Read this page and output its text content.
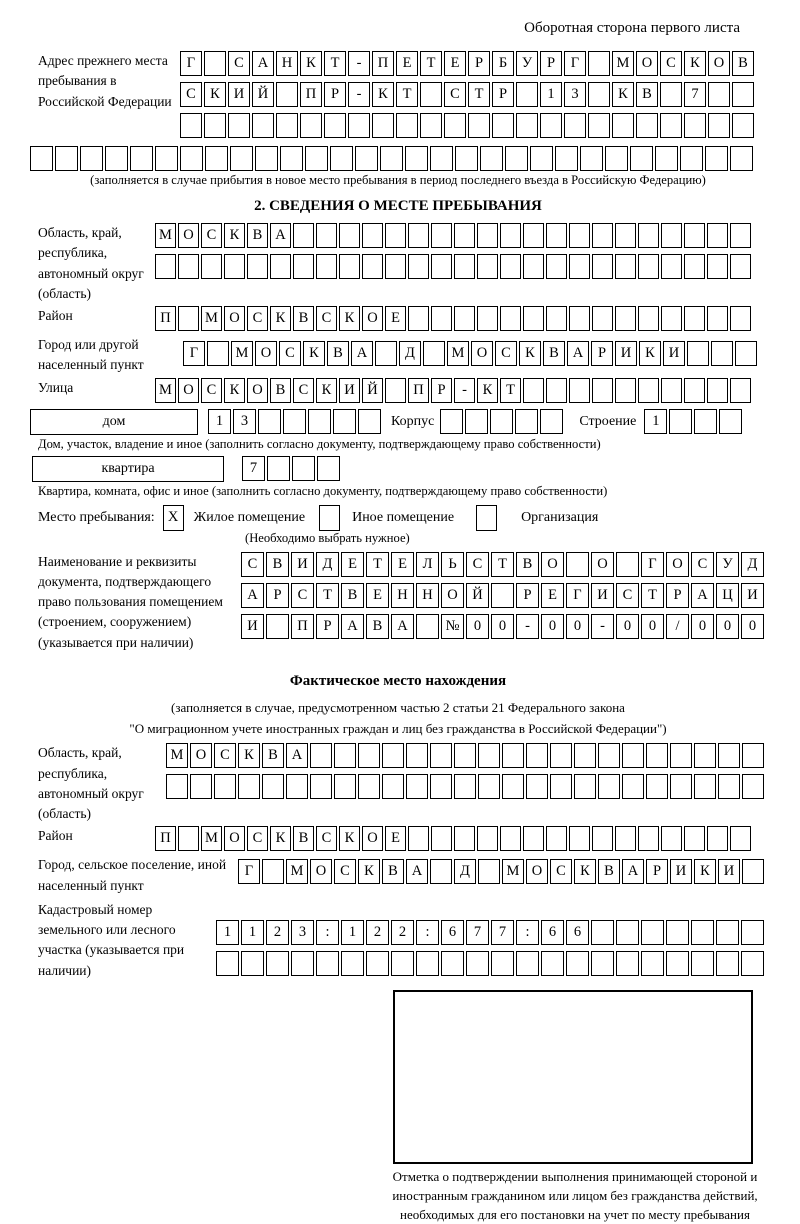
Оборотная сторона первого листа
Адрес прежнего места пребывания в Российской Федерации
Г	С А Н К	Т	-	П Е	Т	Е	Р	Б	У	Р	Г	М О С К О В
С К И Й	П	Р	-	К	Т	С	Т	Р	1	3	К В	7
(заполняется в случае прибытия в новое место пребывания в период последнего въезда в Российскую Федерацию)
2. СВЕДЕНИЯ О МЕСТЕ ПРЕБЫВАНИЯ
Область, край, республика, автономный округ (область)
М О С К В А
Район	П	М О С К В С К О Е
Город или другой населенный пункт
Г	М О С К В А	Д	М О С К В А	Р	И К И
Улица	М О С К О В С К И Й	П Р	-	К Т
дом	1	3	Корпус	Строение	1
Дом, участок, владение и иное (заполнить согласно документу, подтверждающему право собственности)
квартира	7
Квартира, комната, офис и иное (заполнить согласно документу, подтверждающему право собственности)
Место пребывания: X	Жилое помещение	Иное помещение	Организация
(Необходимо выбрать нужное)
Наименование и реквизиты документа, подтверждающего право пользования помещением (строением, сооружением) (указывается при наличии)
С	В	И	Д	Е	Т	Е	Л	Ь	С	Т	В	О	О	Г	О	С	У	Д
А	Р	С	Т	В	Е	Н	Н	О	Й	Р	Е	Г	И	С	Т	Р	А	Ц	И
И	П	Р	А	В	А	№ 0	0	-	0	0	-	0	0	/	0	0	0
Фактическое место нахождения
(заполняется в случае, предусмотренном частью 2 статьи 21 Федерального закона
"О миграционном учете иностранных граждан и лиц без гражданства в Российской Федерации")
Область, край, республика, автономный округ (область)
М О С К В А
Район	П	М О С К В С К О Е
Город, сельское поселение, иной населенный пункт
Г	М О С К В А	Д	М О С К В А	Р	И К И
Кадастровый номер земельного или лесного участка (указывается при наличии)
1	1	2	3	:	1	2	2	:	6	7	7	:	6	6
Отметка о подтверждении выполнения принимающей стороной и иностранным гражданином или лицом без гражданства действий, необходимых для его постановки на учет по месту пребывания
